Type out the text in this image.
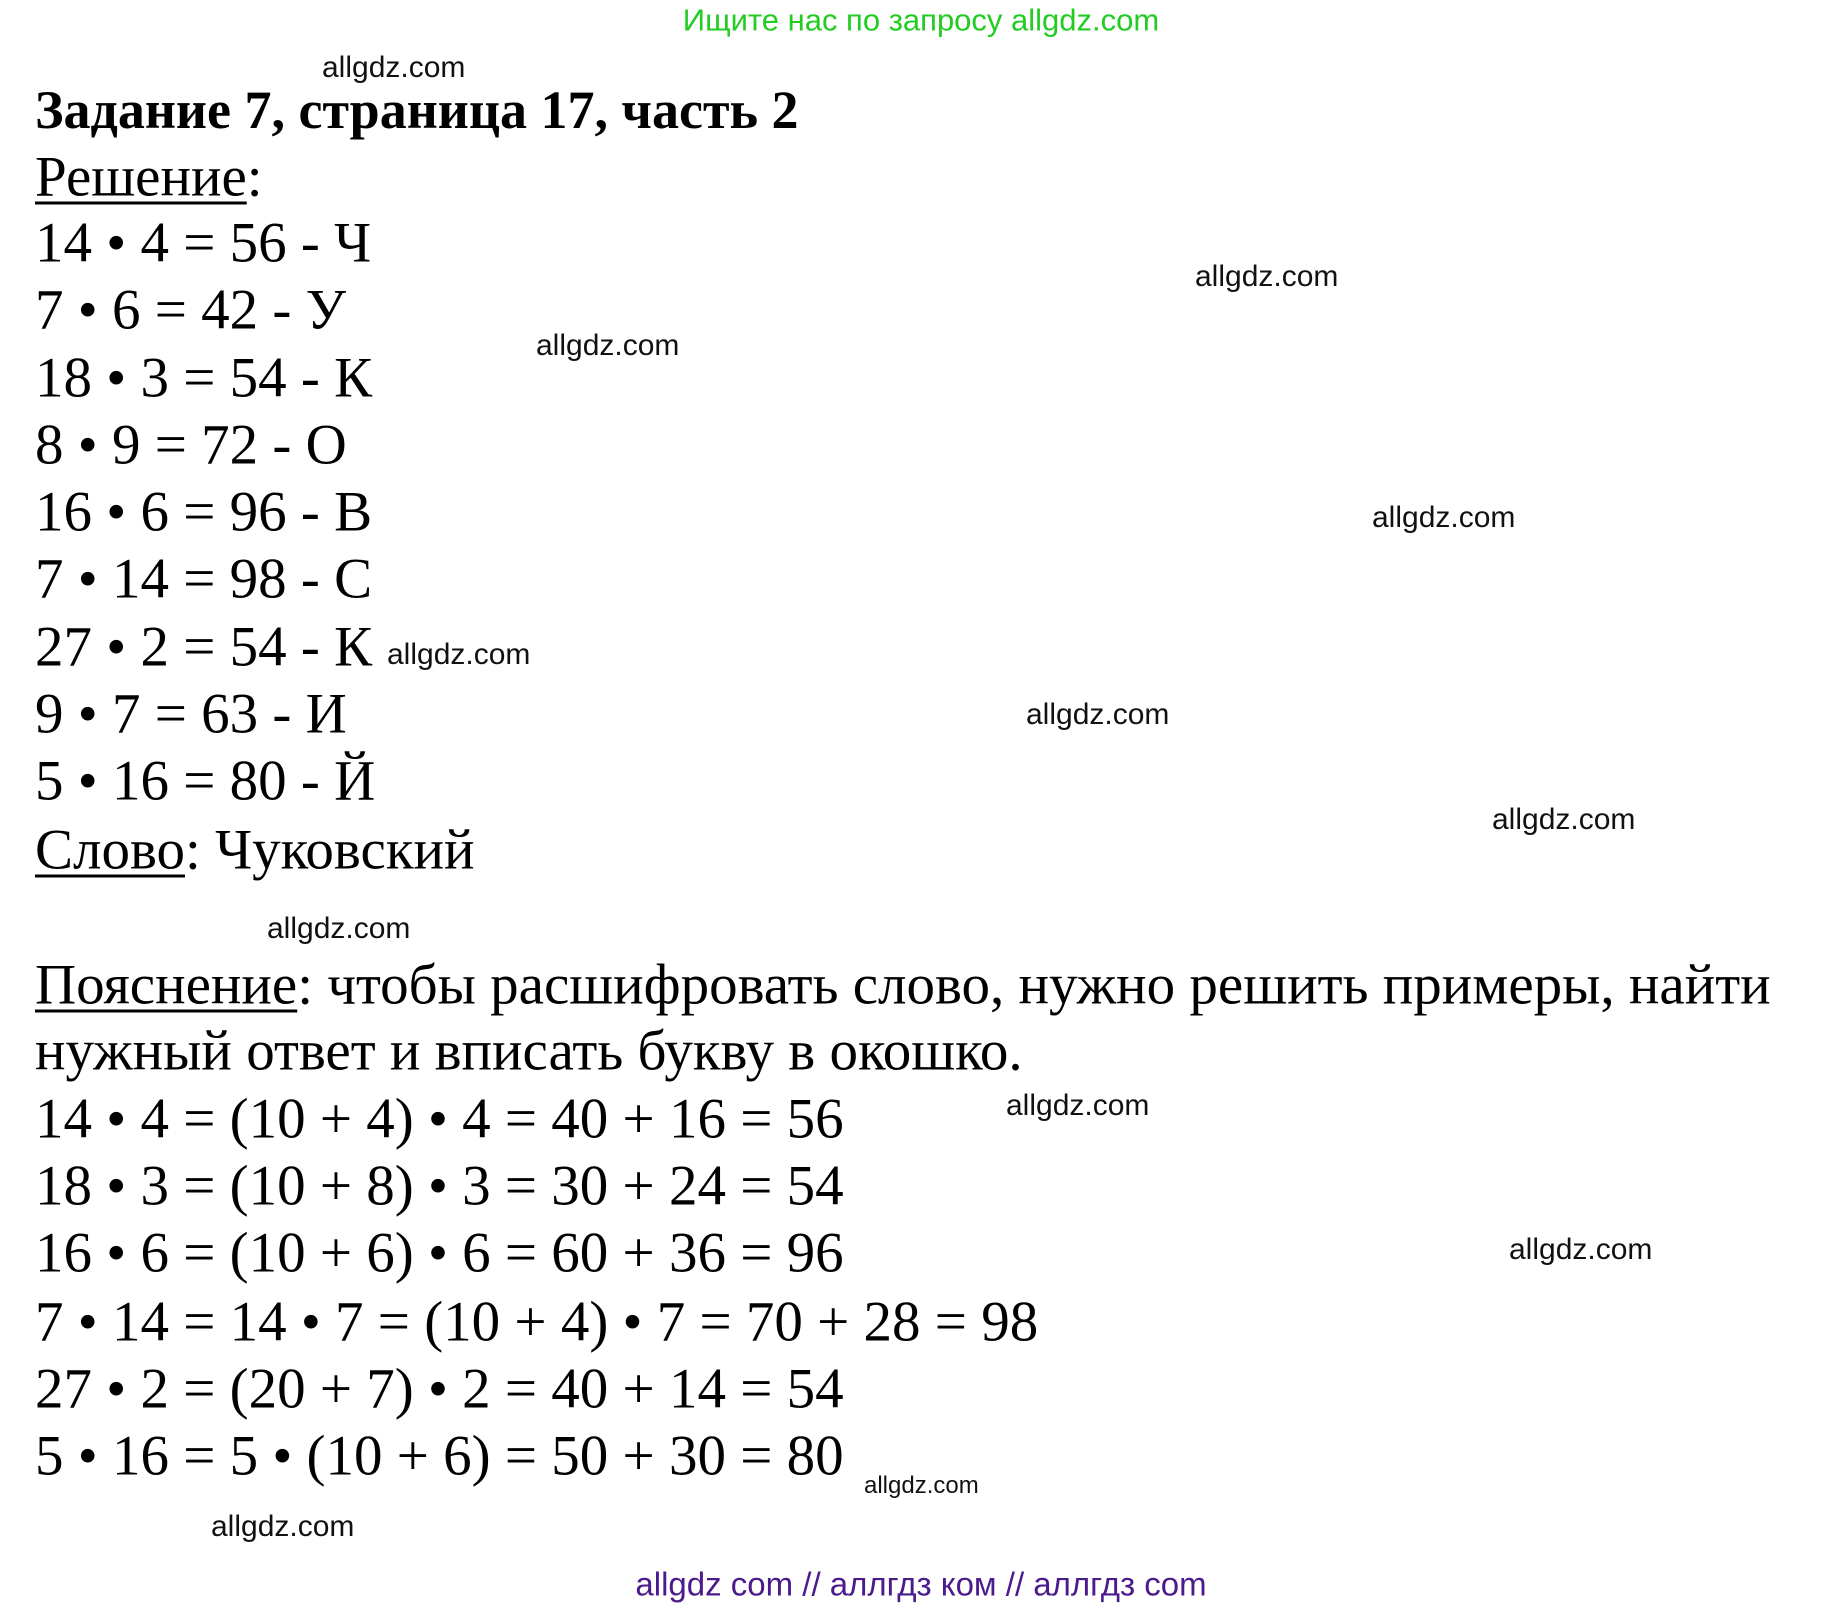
Ищите нас по запросу allgdz.com
Задание 7, страница 17, часть 2
Решение:
14 • 4 = 56 - Ч
7 • 6 = 42 - У
18 • 3 = 54 - К
8 • 9 = 72 - О
16 • 6 = 96 - В
7 • 14 = 98 - С
27 • 2 = 54 - К
9 • 7 = 63 - И
5 • 16 = 80 - Й
Слово: Чуковский
Пояснение: чтобы расшифровать слово, нужно решить примеры, найти
нужный ответ и вписать букву в окошко.
14 • 4 = (10 + 4) • 4 = 40 + 16 = 56
18 • 3 = (10 + 8) • 3 = 30 + 24 = 54
16 • 6 = (10 + 6) • 6 = 60 + 36 = 96
7 • 14 = 14 • 7 = (10 + 4) • 7 = 70 + 28 = 98
27 • 2 = (20 + 7) • 2 = 40 + 14 = 54
5 • 16 = 5 • (10 + 6) = 50 + 30 = 80
allgdz.com
allgdz.com
allgdz.com
allgdz.com
allgdz.com
allgdz.com
allgdz.com
allgdz.com
allgdz.com
allgdz.com
allgdz.com
allgdz.com
allgdz com // аллгдз ком // аллгдз com
